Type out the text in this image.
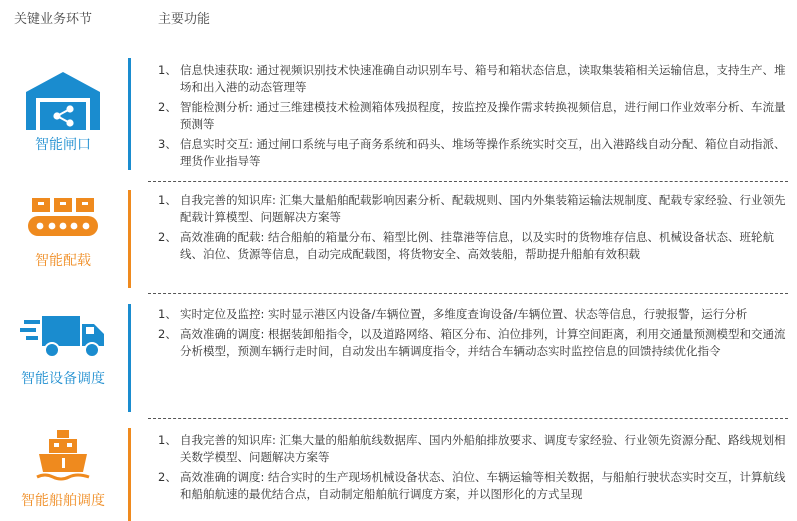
关键业务环节	主要功能
智能闸口
1、 信息快速获取: 通过视频识别技术快速准确自动识别车号、箱号和箱状态信息，读取集装箱相关运输信息，支持生产、堆场和出入港的动态管理等
2、 智能检测分析: 通过三维建模技术检测箱体残损程度，按监控及操作需求转换视频信息，进行闸口作业效率分析、车流量预测等
3、 信息实时交互: 通过闸口系统与电子商务系统和码头、堆场等操作系统实时交互，出入港路线自动分配、箱位自动指派、理货作业指导等
智能配载
1、 自我完善的知识库: 汇集大量船舶配载影响因素分析、配载规则、国内外集装箱运输法规制度、配载专家经验、行业领先配载计算模型、问题解决方案等
2、 高效准确的配载: 结合船舶的箱量分布、箱型比例、挂靠港等信息，以及实时的货物堆存信息、机械设备状态、班轮航线、泊位、货源等信息，自动完成配载图，将货物安全、高效装船，帮助提升船舶有效积载
智能设备调度
1、 实时定位及监控: 实时显示港区内设备/车辆位置，多维度查询设备/车辆位置、状态等信息，行驶报警，运行分析
2、 高效准确的调度: 根据装卸船指令，以及道路网络、箱区分布、泊位排列，计算空间距离，利用交通量预测模型和交通流分析模型，预测车辆行走时间，自动发出车辆调度指令，并结合车辆动态实时监控信息的回馈持续优化指令
智能船舶调度
1、 自我完善的知识库: 汇集大量的船舶航线数据库、国内外船舶排放要求、调度专家经验、行业领先资源分配、路线规划相关数学模型、问题解决方案等
2、 高效准确的调度: 结合实时的生产现场机械设备状态、泊位、车辆运输等相关数据，与船舶行驶状态实时交互，计算航线和船舶航速的最优结合点，自动制定船舶航行调度方案，并以图形化的方式呈现
